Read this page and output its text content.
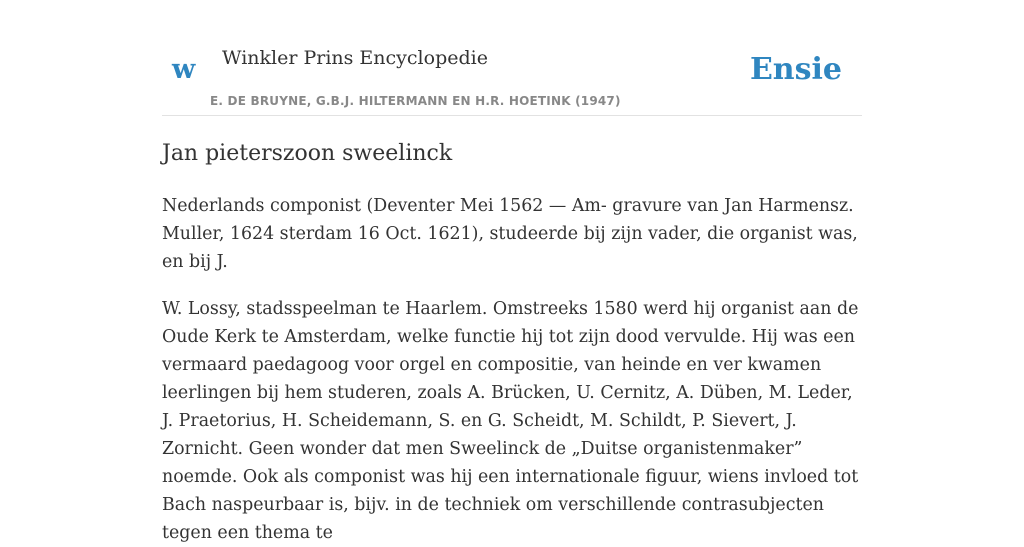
w Winkler Prins Encyclopedie	Ensie
E. DE BRUYNE, G.B.J. HILTERMANN EN H.R. HOETINK (1947)
Jan pieterszoon sweelinck

Nederlands componist (Deventer Mei 1562 — Am- gravure van Jan Harmensz. Muller, 1624 sterdam 16 Oct. 1621), studeerde bij zijn vader, die organist was, en bij J.

W. Lossy, stadsspeelman te Haarlem. Omstreeks 1580 werd hij organist aan de Oude Kerk te Amsterdam, welke functie hij tot zijn dood vervulde. Hij was een vermaard paedagoog voor orgel en compositie, van heinde en ver kwamen leerlingen bij hem studeren, zoals A. Brücken, U. Cernitz, A. Düben, M. Leder, J. Praetorius, H. Scheidemann, S. en G. Scheidt, M. Schildt, P. Sievert, J. Zornicht. Geen wonder dat men Sweelinck de „Duitse organistenmaker” noemde. Ook als componist was hij een internationale figuur, wiens invloed tot Bach naspeurbaar is, bijv. in de techniek om verschillende contrasubjecten tegen een thema te
